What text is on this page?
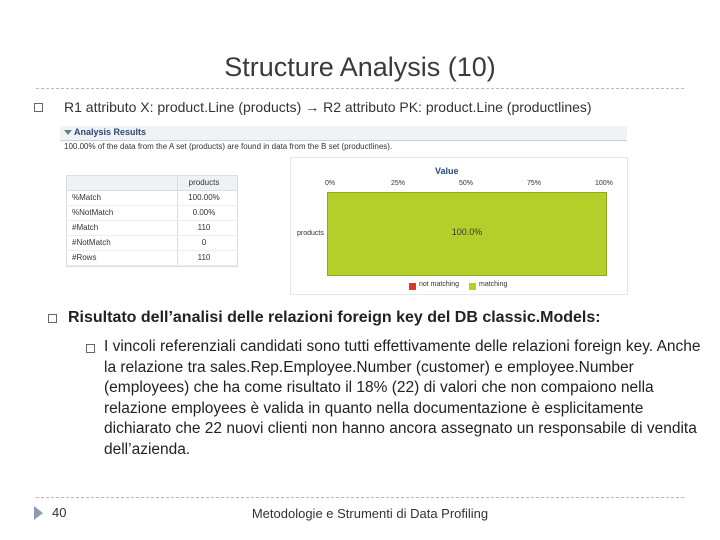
Structure Analysis (10)
R1 attributo X: product.Line (products) → R2 attributo PK: product.Line (productlines)
Analysis Results
100.00% of the data from the A set (products) are found in data from the B set (productlines).
products
%Match	100.00%
%NotMatch	0.00%
#Match	110
#NotMatch	0
#Rows	110
Value
0%	25%	50%	75%	100%
products	100.0%
not matching	matching
Risultato dell’analisi delle relazioni foreign key del DB classic.Models:
I vincoli referenziali candidati sono tutti effettivamente delle relazioni foreign key. Anche la relazione tra sales.Rep.Employee.Number (customer) e employee.Number (employees) che ha come risultato il 18% (22) di valori che non compaiono nella relazione employees è valida in quanto nella documentazione è esplicitamente dichiarato che 22 nuovi clienti non hanno ancora assegnato un responsabile di vendita dell’azienda.
40	Metodologie e Strumenti di Data Profiling
